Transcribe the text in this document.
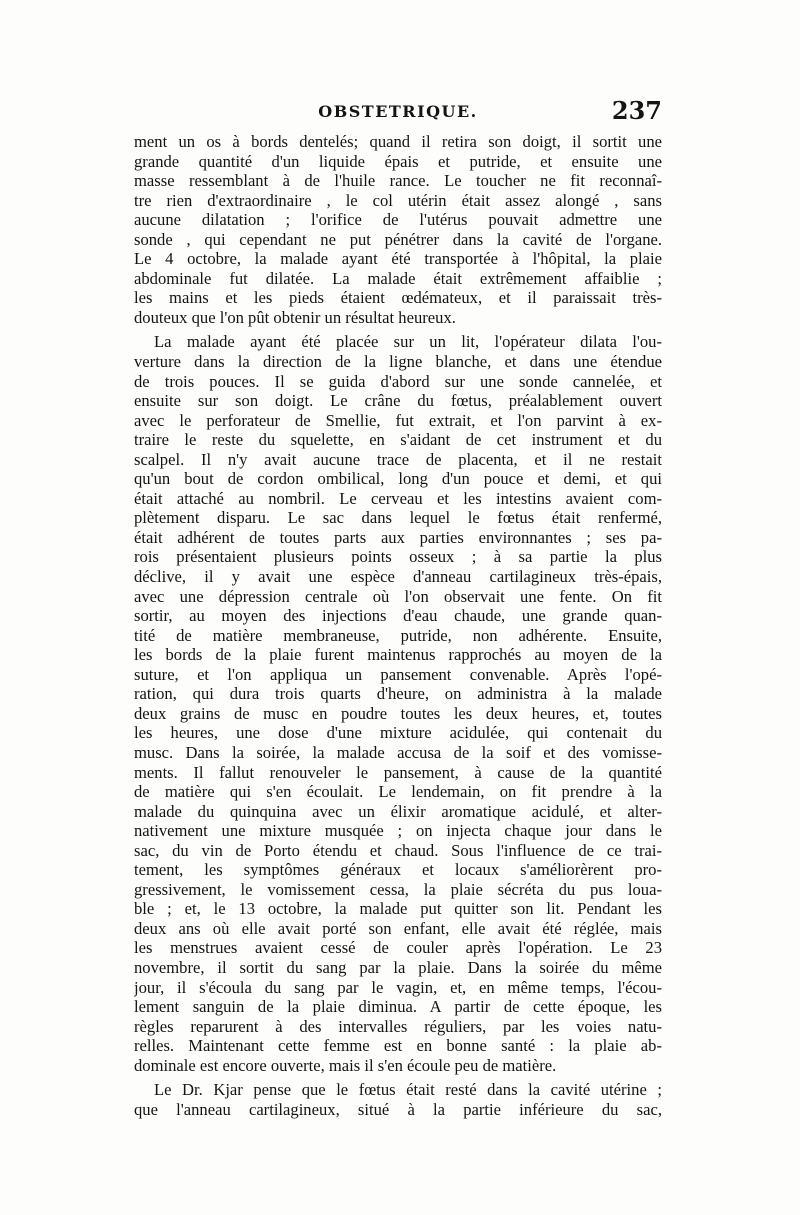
OBSTETRIQUE.	237
ment un os à bords dentelés; quand il retira son doigt, il sortit une
grande quantité d'un liquide épais et putride, et ensuite une
masse ressemblant à de l'huile rance. Le toucher ne fit reconnaî-
tre rien d'extraordinaire , le col utérin était assez alongé , sans
aucune dilatation ; l'orifice de l'utérus pouvait admettre une
sonde , qui cependant ne put pénétrer dans la cavité de l'organe.
Le 4 octobre, la malade ayant été transportée à l'hôpital, la plaie
abdominale fut dilatée. La malade était extrêmement affaiblie ;
les mains et les pieds étaient œdémateux, et il paraissait très-
douteux que l'on pût obtenir un résultat heureux.
La malade ayant été placée sur un lit, l'opérateur dilata l'ou-
verture dans la direction de la ligne blanche, et dans une étendue
de trois pouces. Il se guida d'abord sur une sonde cannelée, et
ensuite sur son doigt. Le crâne du fœtus, préalablement ouvert
avec le perforateur de Smellie, fut extrait, et l'on parvint à ex-
traire le reste du squelette, en s'aidant de cet instrument et du
scalpel. Il n'y avait aucune trace de placenta, et il ne restait
qu'un bout de cordon ombilical, long d'un pouce et demi, et qui
était attaché au nombril. Le cerveau et les intestins avaient com-
plètement disparu. Le sac dans lequel le fœtus était renfermé,
était adhérent de toutes parts aux parties environnantes ; ses pa-
rois présentaient plusieurs points osseux ; à sa partie la plus
déclive, il y avait une espèce d'anneau cartilagineux très-épais,
avec une dépression centrale où l'on observait une fente. On fit
sortir, au moyen des injections d'eau chaude, une grande quan-
tité de matière membraneuse, putride, non adhérente. Ensuite,
les bords de la plaie furent maintenus rapprochés au moyen de la
suture, et l'on appliqua un pansement convenable. Après l'opé-
ration, qui dura trois quarts d'heure, on administra à la malade
deux grains de musc en poudre toutes les deux heures, et, toutes
les heures, une dose d'une mixture acidulée, qui contenait du
musc. Dans la soirée, la malade accusa de la soif et des vomisse-
ments. Il fallut renouveler le pansement, à cause de la quantité
de matière qui s'en écoulait. Le lendemain, on fit prendre à la
malade du quinquina avec un élixir aromatique acidulé, et alter-
nativement une mixture musquée ; on injecta chaque jour dans le
sac, du vin de Porto étendu et chaud. Sous l'influence de ce trai-
tement, les symptômes généraux et locaux s'améliorèrent pro-
gressivement, le vomissement cessa, la plaie sécréta du pus loua-
ble ; et, le 13 octobre, la malade put quitter son lit. Pendant les
deux ans où elle avait porté son enfant, elle avait été réglée, mais
les menstrues avaient cessé de couler après l'opération. Le 23
novembre, il sortit du sang par la plaie. Dans la soirée du même
jour, il s'écoula du sang par le vagin, et, en même temps, l'écou-
lement sanguin de la plaie diminua. A partir de cette époque, les
règles reparurent à des intervalles réguliers, par les voies natu-
relles. Maintenant cette femme est en bonne santé : la plaie ab-
dominale est encore ouverte, mais il s'en écoule peu de matière.
Le Dr. Kjar pense que le fœtus était resté dans la cavité utérine ;
que l'anneau cartilagineux, situé à la partie inférieure du sac,
